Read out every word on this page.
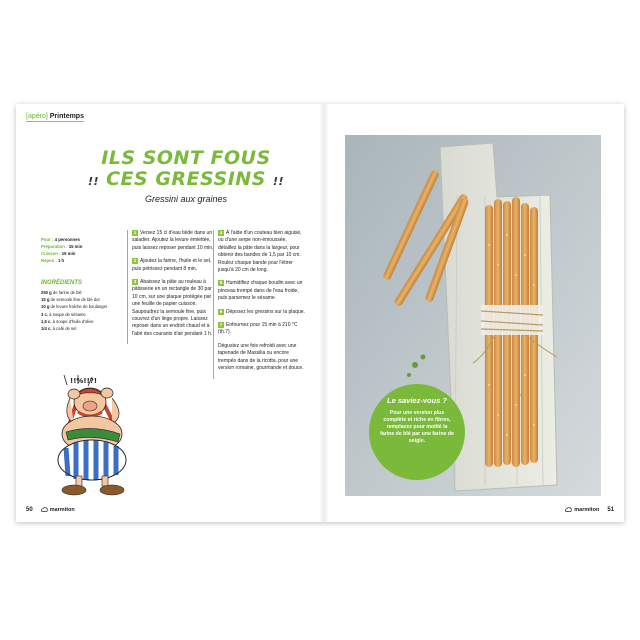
[apéro] Printemps
ILS SONT FOUS
!! CES GRESSINS !!
Gressini aux graines
Pour : 4 personnes
Préparation : 15 min
Cuisson : 15 min
Repos : 1 h
INGRÉDIENTS
250 g de farine de blé
15 g de semoule fine de blé dur
10 g de levure fraîche de boulanger
3 c. à soupe de sésame
1,5 c. à soupe d'huile d'olive
1/4 c. à café de sel

1 Versez 15 cl d'eau tiède dans un saladier. Ajoutez la levure émiettée, puis laissez reposer pendant 10 min.

2 Ajoutez la farine, l'huile et le sel, puis pétrissez pendant 8 min.

3 Abaissez la pâte au rouleau à pâtisserie en un rectangle de 30 par 10 cm, sur une plaque protégée par une feuille de papier cuisson. Saupoudrez la semoule fine, puis couvrez d'un linge propre. Laissez reposer dans un endroit chaud et à l'abri des courants d'air pendant 1 h.

4 À l'aide d'un couteau bien aiguisé, ou d'une serpe non-émoussée, détaillez la pâte dans la largeur, pour obtenir des bandes de 1,5 par 10 cm. Roulez chaque bande pour l'étirer jusqu'à 20 cm de long.

5 Humidifiez chaque boudin avec un pinceau trempé dans de l'eau froide, puis parsemez le sésame.

6 Déposez les gressins sur la plaque.

7 Enfournez pour 15 min à 210 °C (th.7).

Dégustez une fois refroidi avec une tapenade de Massilia ou encore trempés dans de la ricotta, pour une version romaine, gourmande et douce.

!!%!!?!
50	marmiton
Le saviez-vous ?
Pour une version plus complète et riche en fibres, remplacez pour moitié la farine de blé par une farine de seigle.
marmiton 51
